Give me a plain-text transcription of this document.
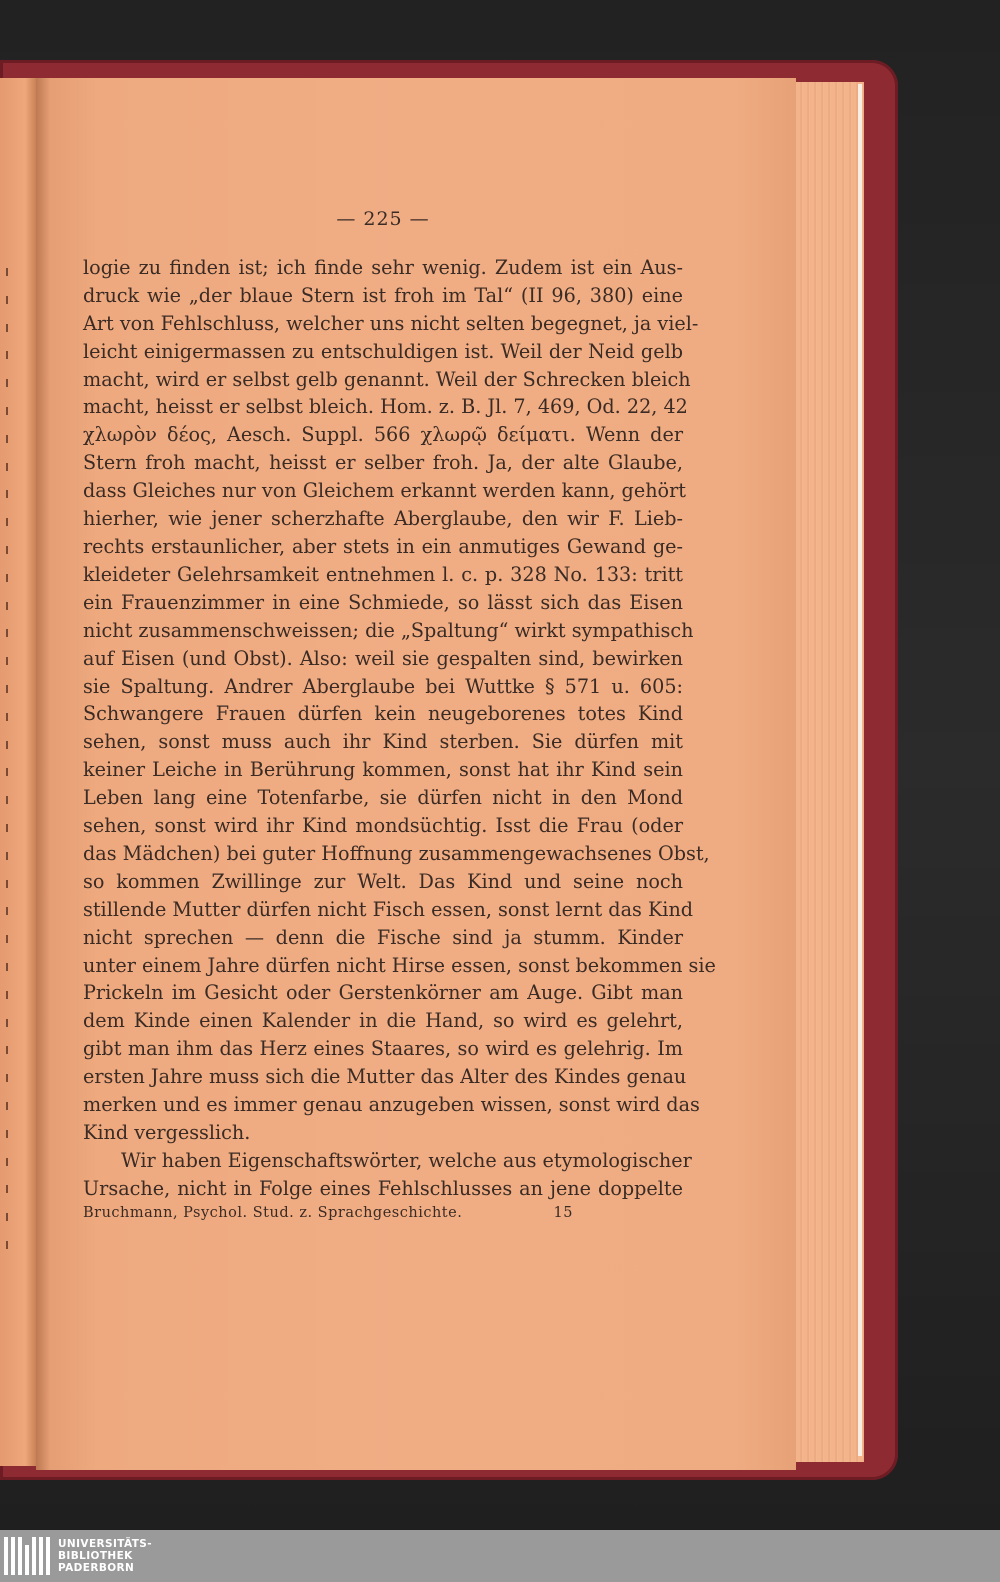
— 225 —

logie zu finden ist; ich finde sehr wenig. Zudem ist ein Aus-
druck wie „der blaue Stern ist froh im Tal“ (II 96, 380) eine
Art von Fehlschluss, welcher uns nicht selten begegnet, ja viel-
leicht einigermassen zu entschuldigen ist. Weil der Neid gelb
macht, wird er selbst gelb genannt. Weil der Schrecken bleich
macht, heisst er selbst bleich. Hom. z. B. Jl. 7, 469, Od. 22, 42
χλωρὸν δέος, Aesch. Suppl. 566 χλωρῷ δείματι. Wenn der
Stern froh macht, heisst er selber froh. Ja, der alte Glaube,
dass Gleiches nur von Gleichem erkannt werden kann, gehört
hierher, wie jener scherzhafte Aberglaube, den wir F. Lieb-
rechts erstaunlicher, aber stets in ein anmutiges Gewand ge-
kleideter Gelehrsamkeit entnehmen l. c. p. 328 No. 133: tritt
ein Frauenzimmer in eine Schmiede, so lässt sich das Eisen
nicht zusammenschweissen; die „Spaltung“ wirkt sympathisch
auf Eisen (und Obst). Also: weil sie gespalten sind, bewirken
sie Spaltung. Andrer Aberglaube bei Wuttke § 571 u. 605:
Schwangere Frauen dürfen kein neugeborenes totes Kind
sehen, sonst muss auch ihr Kind sterben. Sie dürfen mit
keiner Leiche in Berührung kommen, sonst hat ihr Kind sein
Leben lang eine Totenfarbe, sie dürfen nicht in den Mond
sehen, sonst wird ihr Kind mondsüchtig. Isst die Frau (oder
das Mädchen) bei guter Hoffnung zusammengewachsenes Obst,
so kommen Zwillinge zur Welt. Das Kind und seine noch
stillende Mutter dürfen nicht Fisch essen, sonst lernt das Kind
nicht sprechen — denn die Fische sind ja stumm. Kinder
unter einem Jahre dürfen nicht Hirse essen, sonst bekommen sie
Prickeln im Gesicht oder Gerstenkörner am Auge. Gibt man
dem Kinde einen Kalender in die Hand, so wird es gelehrt,
gibt man ihm das Herz eines Staares, so wird es gelehrig. Im
ersten Jahre muss sich die Mutter das Alter des Kindes genau
merken und es immer genau anzugeben wissen, sonst wird das
Kind vergesslich.

Wir haben Eigenschaftswörter, welche aus etymologischer
Ursache, nicht in Folge eines Fehlschlusses an jene doppelte

Bruchmann, Psychol. Stud. z. Sprachgeschichte.	15
UNIVERSITÄTS-
BIBLIOTHEK
PADERBORN
